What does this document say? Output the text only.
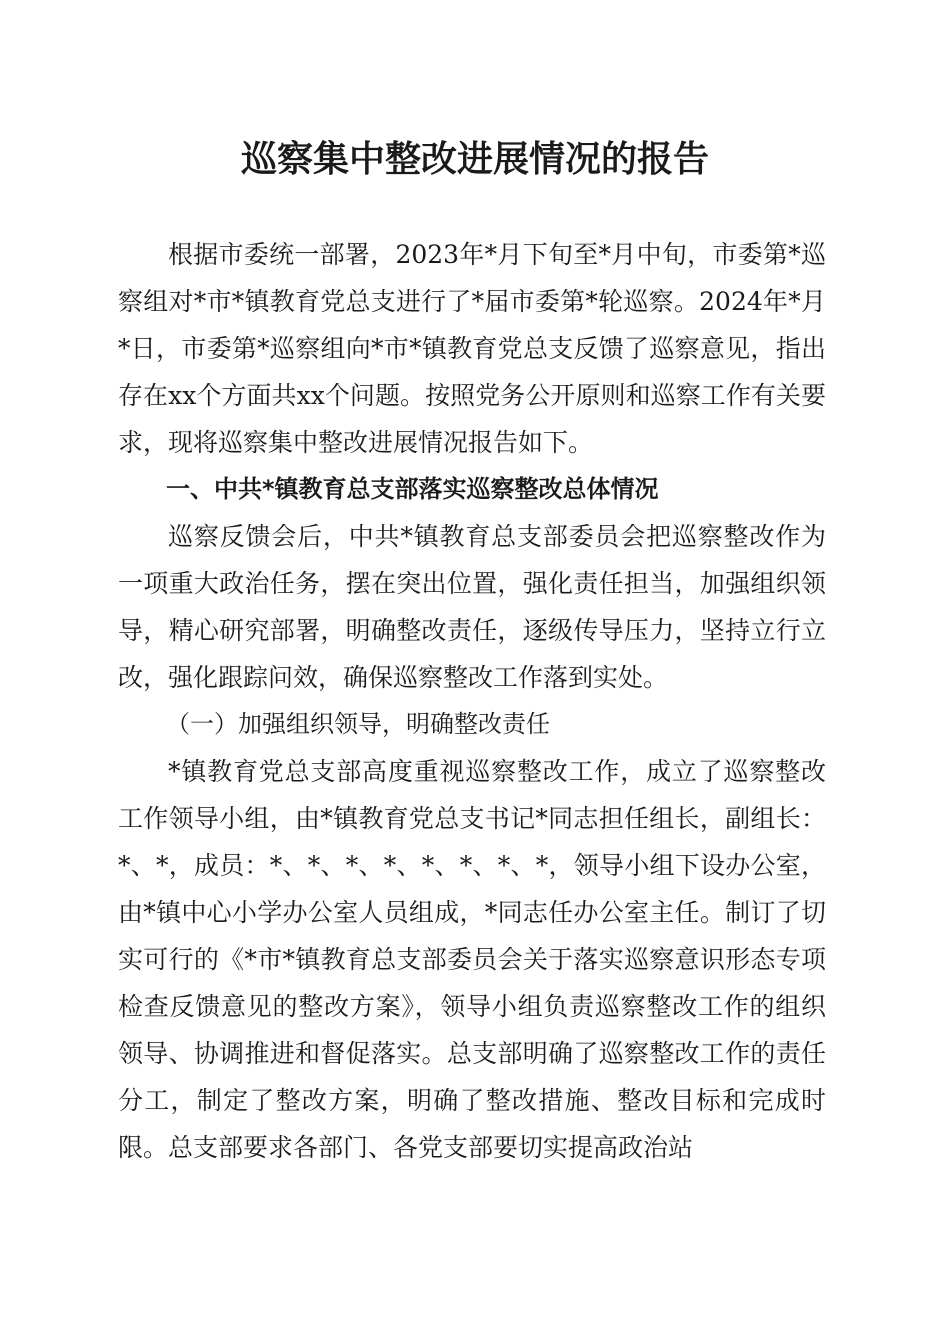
巡察集中整改进展情况的报告

根据市委统一部署，2023年*月下旬至*月中旬，市委第*巡察组对*市*镇教育党总支进行了*届市委第*轮巡察。2024年*月*日，市委第*巡察组向*市*镇教育党总支反馈了巡察意见，指出存在xx个方面共xx个问题。按照党务公开原则和巡察工作有关要求，现将巡察集中整改进展情况报告如下。

一、中共*镇教育总支部落实巡察整改总体情况

巡察反馈会后，中共*镇教育总支部委员会把巡察整改作为一项重大政治任务，摆在突出位置，强化责任担当，加强组织领导，精心研究部署，明确整改责任，逐级传导压力，坚持立行立改，强化跟踪问效，确保巡察整改工作落到实处。

（一）加强组织领导，明确整改责任

*镇教育党总支部高度重视巡察整改工作，成立了巡察整改工作领导小组，由*镇教育党总支书记*同志担任组长，副组长：*、*，成员：*、*、*、*、*、*、*、*，领导小组下设办公室，由*镇中心小学办公室人员组成，*同志任办公室主任。制订了切实可行的《*市*镇教育总支部委员会关于落实巡察意识形态专项检查反馈意见的整改方案》，领导小组负责巡察整改工作的组织领导、协调推进和督促落实。总支部明确了巡察整改工作的责任分工，制定了整改方案，明确了整改措施、整改目标和完成时限。总支部要求各部门、各党支部要切实提高政治站
